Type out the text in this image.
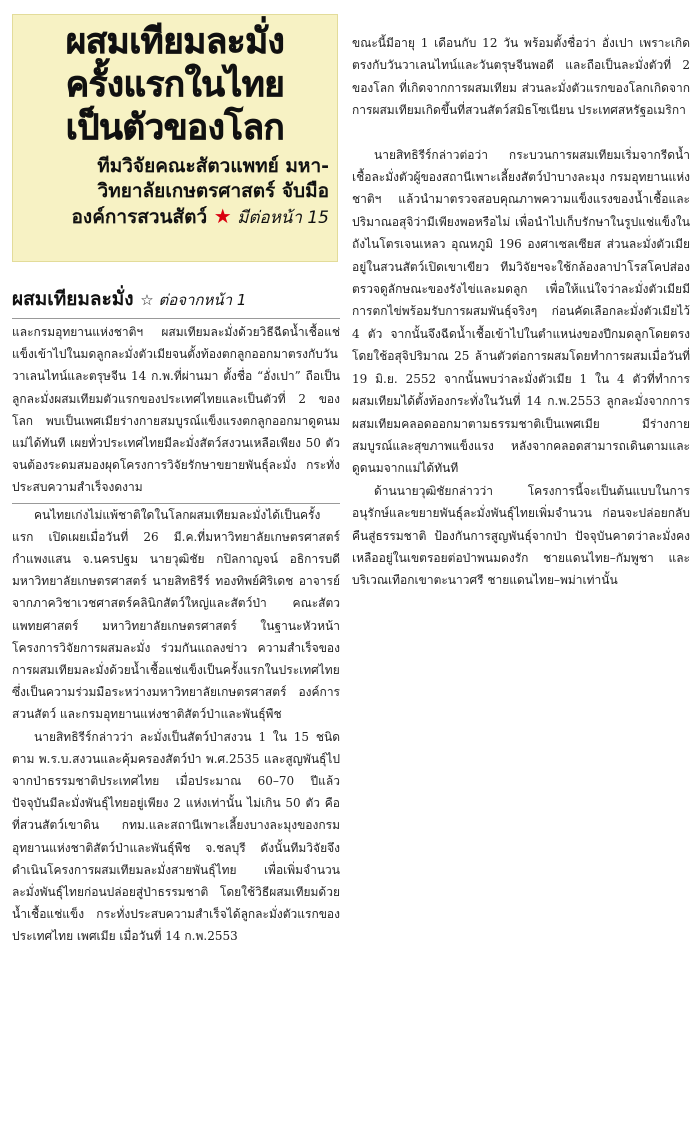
ผสมเทียมละมั่ง
ครั้งแรกในไทย
เป็นตัวของโลก
ทีมวิจัยคณะสัตวแพทย์ มหา-
วิทยาลัยเกษตรศาสตร์ จับมือ
องค์การสวนสัตว์ ★ มีต่อหน้า 15
ผสมเทียมละมั่ง ☆ ต่อจากหน้า 1

และกรมอุทยานแห่งชาติฯ ผสมเทียมละมั่งด้วยวิธีฉีดน้ำเชื้อแช่แข็งเข้าไปในมดลูกละมั่งตัวเมียจนตั้งท้องตกลูกออกมาตรงกับวันวาเลนไทน์และตรุษจีน 14 ก.พ.ที่ผ่านมา ตั้งชื่อ “อั่งเปา” ถือเป็นลูกละมั่งผสมเทียมตัวแรกของประเทศไทยและเป็นตัวที่ 2 ของโลก พบเป็นเพศเมียร่างกายสมบูรณ์แข็งแรงตกลูกออกมาดูดนมแม่ได้ทันที เผยทั่วประเทศไทยมีละมั่งสัตว์สงวนเหลือเพียง 50 ตัว จนต้องระดมสมองผุดโครงการวิจัยรักษาขยายพันธุ์ละมั่ง กระทั่งประสบความสำเร็จงดงาม

คนไทยเก่งไม่แพ้ชาติใดในโลกผสมเทียมละมั่งได้เป็นครั้งแรก เปิดเผยเมื่อวันที่ 26 มี.ค.ที่มหาวิทยาลัยเกษตรศาสตร์ กำแพงแสน จ.นครปฐม นายวุฒิชัย กปิลกาญจน์ อธิการบดีมหาวิทยาลัยเกษตรศาสตร์ นายสิทธิรีร์ ทองทิพย์ศิริเดช อาจารย์จากภาควิชาเวชศาสตร์คลินิกสัตว์ใหญ่และสัตว์ป่า คณะสัตวแพทยศาสตร์ มหาวิทยาลัยเกษตรศาสตร์ ในฐานะหัวหน้าโครงการวิจัยการผสมละมั่ง ร่วมกันแถลงข่าว ความสำเร็จของการผสมเทียมละมั่งด้วยน้ำเชื้อแช่แข็งเป็นครั้งแรกในประเทศไทย ซึ่งเป็นความร่วมมือระหว่างมหาวิทยาลัยเกษตรศาสตร์ องค์การสวนสัตว์ และกรมอุทยานแห่งชาติสัตว์ป่าและพันธุ์พืช

นายสิทธิรีร์กล่าวว่า ละมั่งเป็นสัตว์ป่าสงวน 1 ใน 15 ชนิดตาม พ.ร.บ.สงวนและคุ้มครองสัตว์ป่า พ.ศ.2535 และสูญพันธุ์ไปจากป่าธรรมชาติประเทศไทย เมื่อประมาณ 60–70 ปีแล้ว ปัจจุบันมีละมั่งพันธุ์ไทยอยู่เพียง 2 แห่งเท่านั้น ไม่เกิน 50 ตัว คือที่สวนสัตว์เขาดิน กทม.และสถานีเพาะเลี้ยงบางละมุงของกรมอุทยานแห่งชาติสัตว์ป่าและพันธุ์พืช จ.ชลบุรี ดังนั้นทีมวิจัยจึงดำเนินโครงการผสมเทียมละมั่งสายพันธุ์ไทย เพื่อเพิ่มจำนวนละมั่งพันธุ์ไทยก่อนปล่อยสู่ป่าธรรมชาติ โดยใช้วิธีผสมเทียมด้วยน้ำเชื้อแช่แข็ง กระทั่งประสบความสำเร็จได้ลูกละมั่งตัวแรกของประเทศไทย เพศเมีย เมื่อวันที่ 14 ก.พ.2553

ขณะนี้มีอายุ 1 เดือนกับ 12 วัน พร้อมตั้งชื่อว่า อั่งเปา เพราะเกิดตรงกับวันวาเลนไทน์และวันตรุษจีนพอดี และถือเป็นละมั่งตัวที่ 2 ของโลก ที่เกิดจากการผสมเทียม ส่วนละมั่งตัวแรกของโลกเกิดจากการผสมเทียมเกิดขึ้นที่สวนสัตว์สมิธโซเนียน ประเทศสหรัฐอเมริกา

นายสิทธิรีร์กล่าวต่อว่า กระบวนการผสมเทียมเริ่มจากรีดน้ำเชื้อละมั่งตัวผู้ของสถานีเพาะเลี้ยงสัตว์ป่าบางละมุง กรมอุทยานแห่งชาติฯ แล้วนำมาตรวจสอบคุณภาพความแข็งแรงของน้ำเชื้อและปริมาณอสุจิว่ามีเพียงพอหรือไม่ เพื่อนำไปเก็บรักษาในรูปแช่แข็งในถังไนโตรเจนเหลว อุณหภูมิ 196 องศาเซลเซียส ส่วนละมั่งตัวเมียอยู่ในสวนสัตว์เปิดเขาเขียว ทีมวิจัยฯจะใช้กล้องลาปาโรสโคปส่องตรวจดูลักษณะของรังไข่และมดลูก เพื่อให้แน่ใจว่าละมั่งตัวเมียมีการตกไข่พร้อมรับการผสมพันธุ์จริงๆ ก่อนคัดเลือกละมั่งตัวเมียไว้ 4 ตัว จากนั้นจึงฉีดน้ำเชื้อเข้าไปในตำแหน่งของปีกมดลูกโดยตรง โดยใช้อสุจิปริมาณ 25 ล้านตัวต่อการผสมโดยทำการผสมเมื่อวันที่ 19 มิ.ย. 2552 จากนั้นพบว่าละมั่งตัวเมีย 1 ใน 4 ตัวที่ทำการผสมเทียมได้ตั้งท้องกระทั่งในวันที่ 14 ก.พ.2553 ลูกละมั่งจากการผสมเทียมคลอดออกมาตามธรรมชาติเป็นเพศเมีย มีร่างกายสมบูรณ์และสุขภาพแข็งแรง หลังจากคลอดสามารถเดินตามและดูดนมจากแม่ได้ทันที

ด้านนายวุฒิชัยกล่าวว่า โครงการนี้จะเป็นต้นแบบในการอนุรักษ์และขยายพันธุ์ละมั่งพันธุ์ไทยเพิ่มจำนวน ก่อนจะปล่อยกลับคืนสู่ธรรมชาติ ป้องกันการสูญพันธุ์จากป่า ปัจจุบันคาดว่าละมั่งคงเหลืออยู่ในเขตรอยต่อป่าพนมดงรัก ชายแดนไทย–กัมพูชา และบริเวณเทือกเขาตะนาวศรี ชายแดนไทย–พม่าเท่านั้น
